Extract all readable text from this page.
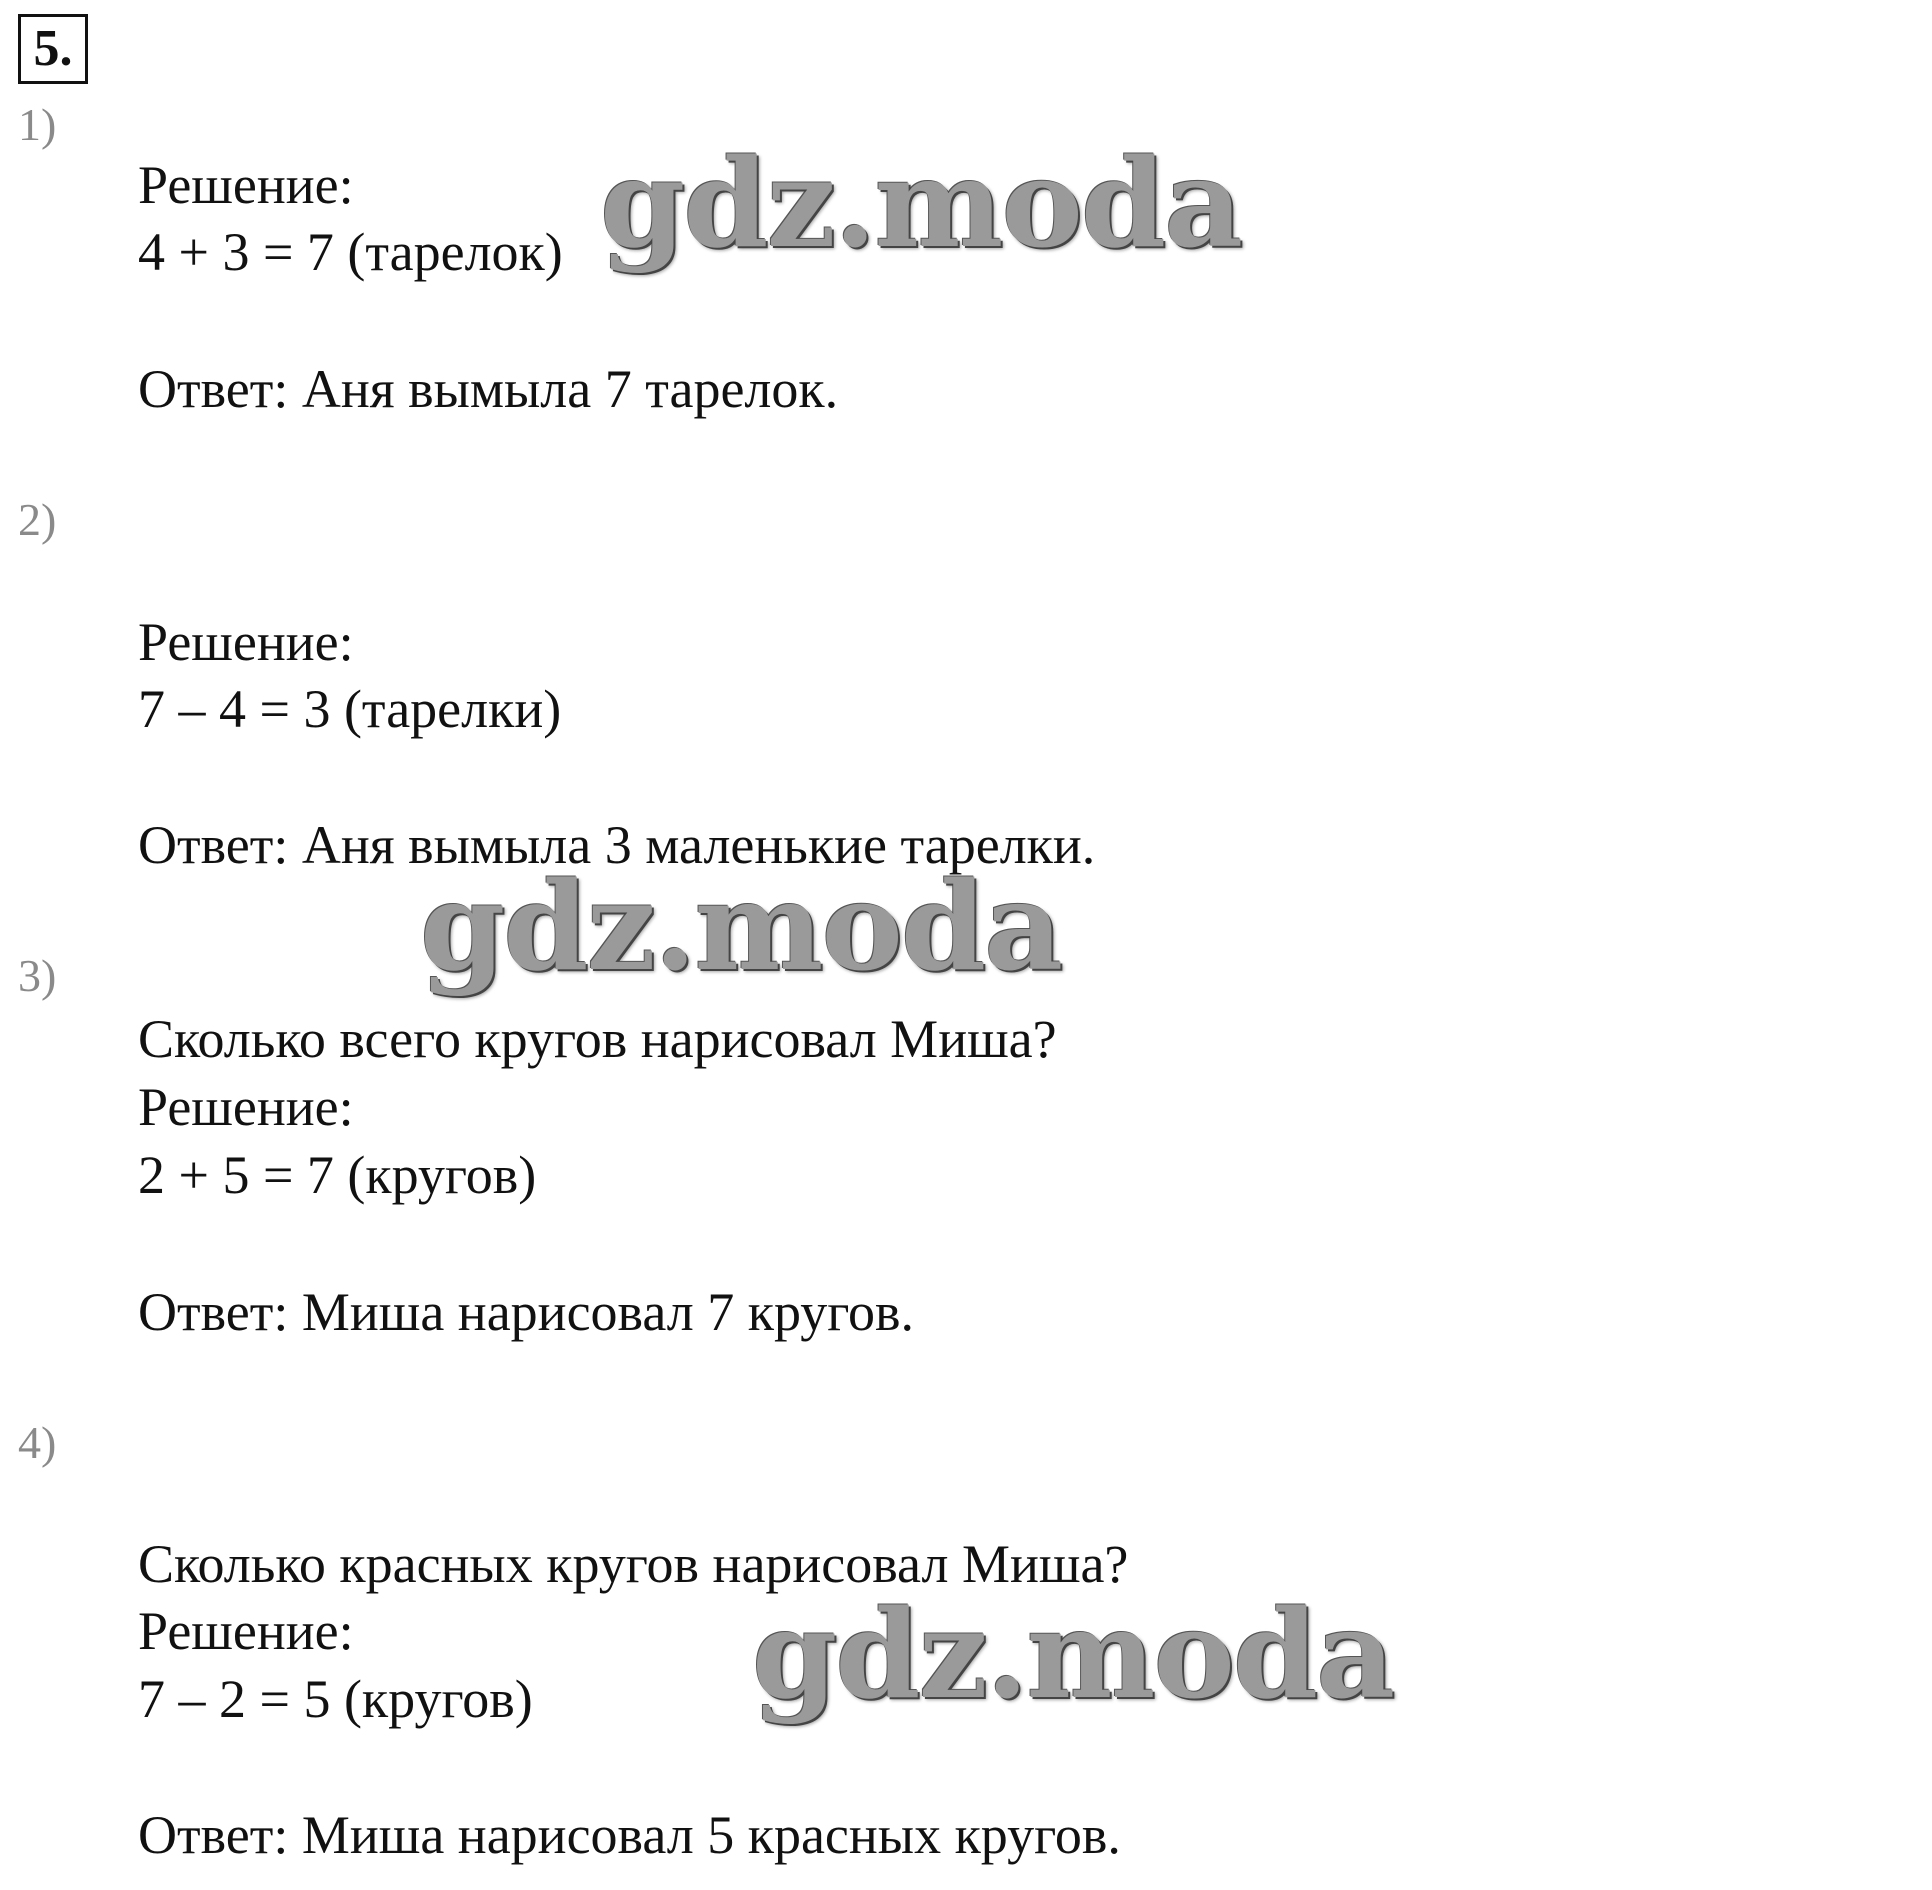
5.
1)
Решение:
4 + 3 = 7 (тарелок)
Ответ: Аня вымыла 7 тарелок.
2)
Решение:
7 – 4 = 3 (тарелки)
Ответ: Аня вымыла 3 маленькие тарелки.
3)
Сколько всего кругов нарисовал Миша?
Решение:
2 + 5 = 7 (кругов)
Ответ: Миша нарисовал 7 кругов.
4)
Сколько красных кругов нарисовал Миша?
Решение:
7 – 2 = 5 (кругов)
Ответ: Миша нарисовал 5 красных кругов.

gdz.moda
gdz.moda
gdz.moda
